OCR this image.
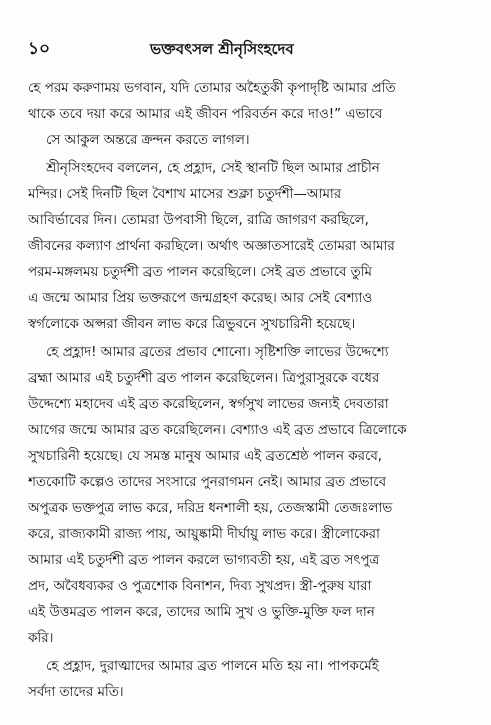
১০	ভক্তবৎসল শ্রীনৃসিংহদেব
হে পরম করুণাময় ভগবান, যদি তোমার অহৈতুকী কৃপাদৃষ্টি আমার প্রতি
থাকে তবে দয়া করে আমার এই জীবন পরিবর্তন করে দাও!” এভাবে
সে আকুল অন্তরে ক্রন্দন করতে লাগল।
শ্রীনৃসিংহদেব বললেন, হে প্রহ্লাদ, সেই স্থানটি ছিল আমার প্রাচীন
মন্দির। সেই দিনটি ছিল বৈশাখ মাসের শুক্লা চতুর্দশী—আমার
আবির্ভাবের দিন। তোমরা উপবাসী ছিলে, রাত্রি জাগরণ করছিলে,
জীবনের কল্যাণ প্রার্থনা করছিলে। অর্থাৎ অজ্ঞাতসারেই তোমরা আমার
পরম-মঙ্গলময় চতুর্দশী ব্রত পালন করেছিলে। সেই ব্রত প্রভাবে তুমি
এ জন্মে আমার প্রিয় ভক্তরূপে জন্মগ্রহণ করেছ। আর সেই বেশ্যাও
স্বর্গলোকে অপ্সরা জীবন লাভ করে ত্রিভুবনে সুখচারিনী হয়েছে।
হে প্রহ্লাদ! আমার ব্রতের প্রভাব শোনো। সৃষ্টিশক্তি লাভের উদ্দেশ্যে
ব্রহ্মা আমার এই চতুর্দশী ব্রত পালন করেছিলেন। ত্রিপুরাসুরকে বধের
উদ্দেশ্যে মহাদেব এই ব্রত করেছিলেন, স্বর্গসুখ লাভের জন্যই দেবতারা
আগের জন্মে আমার ব্রত করেছিলেন। বেশ্যাও এই ব্রত প্রভাবে ত্রিলোকে
সুখচারিনী হয়েছে। যে সমস্ত মানুষ আমার এই ব্রতশ্রেষ্ঠ পালন করবে,
শতকোটি কল্পেও তাদের সংসারে পুনরাগমন নেই। আমার ব্রত প্রভাবে
অপুত্রক ভক্তপুত্র লাভ করে, দরিদ্র ধনশালী হয়, তেজস্কামী তেজঃলাভ
করে, রাজ্যকামী রাজ্য পায়, আয়ুষ্কামী দীর্ঘায়ু লাভ করে। স্ত্রীলোকেরা
আমার এই চতুর্দশী ব্রত পালন করলে ভাগ্যবতী হয়, এই ব্রত সৎপুত্র
প্রদ, অবৈধব্যকর ও পুত্রশোক বিনাশন, দিব্য সুখপ্রদ। স্ত্রী-পুরুষ যারা
এই উত্তমব্রত পালন করে, তাদের আমি সুখ ও ভুক্তি-মুক্তি ফল দান
করি।
হে প্রহ্লাদ, দুরাত্মাদের আমার ব্রত পালনে মতি হয় না। পাপকর্মেই
সর্বদা তাদের মতি।
